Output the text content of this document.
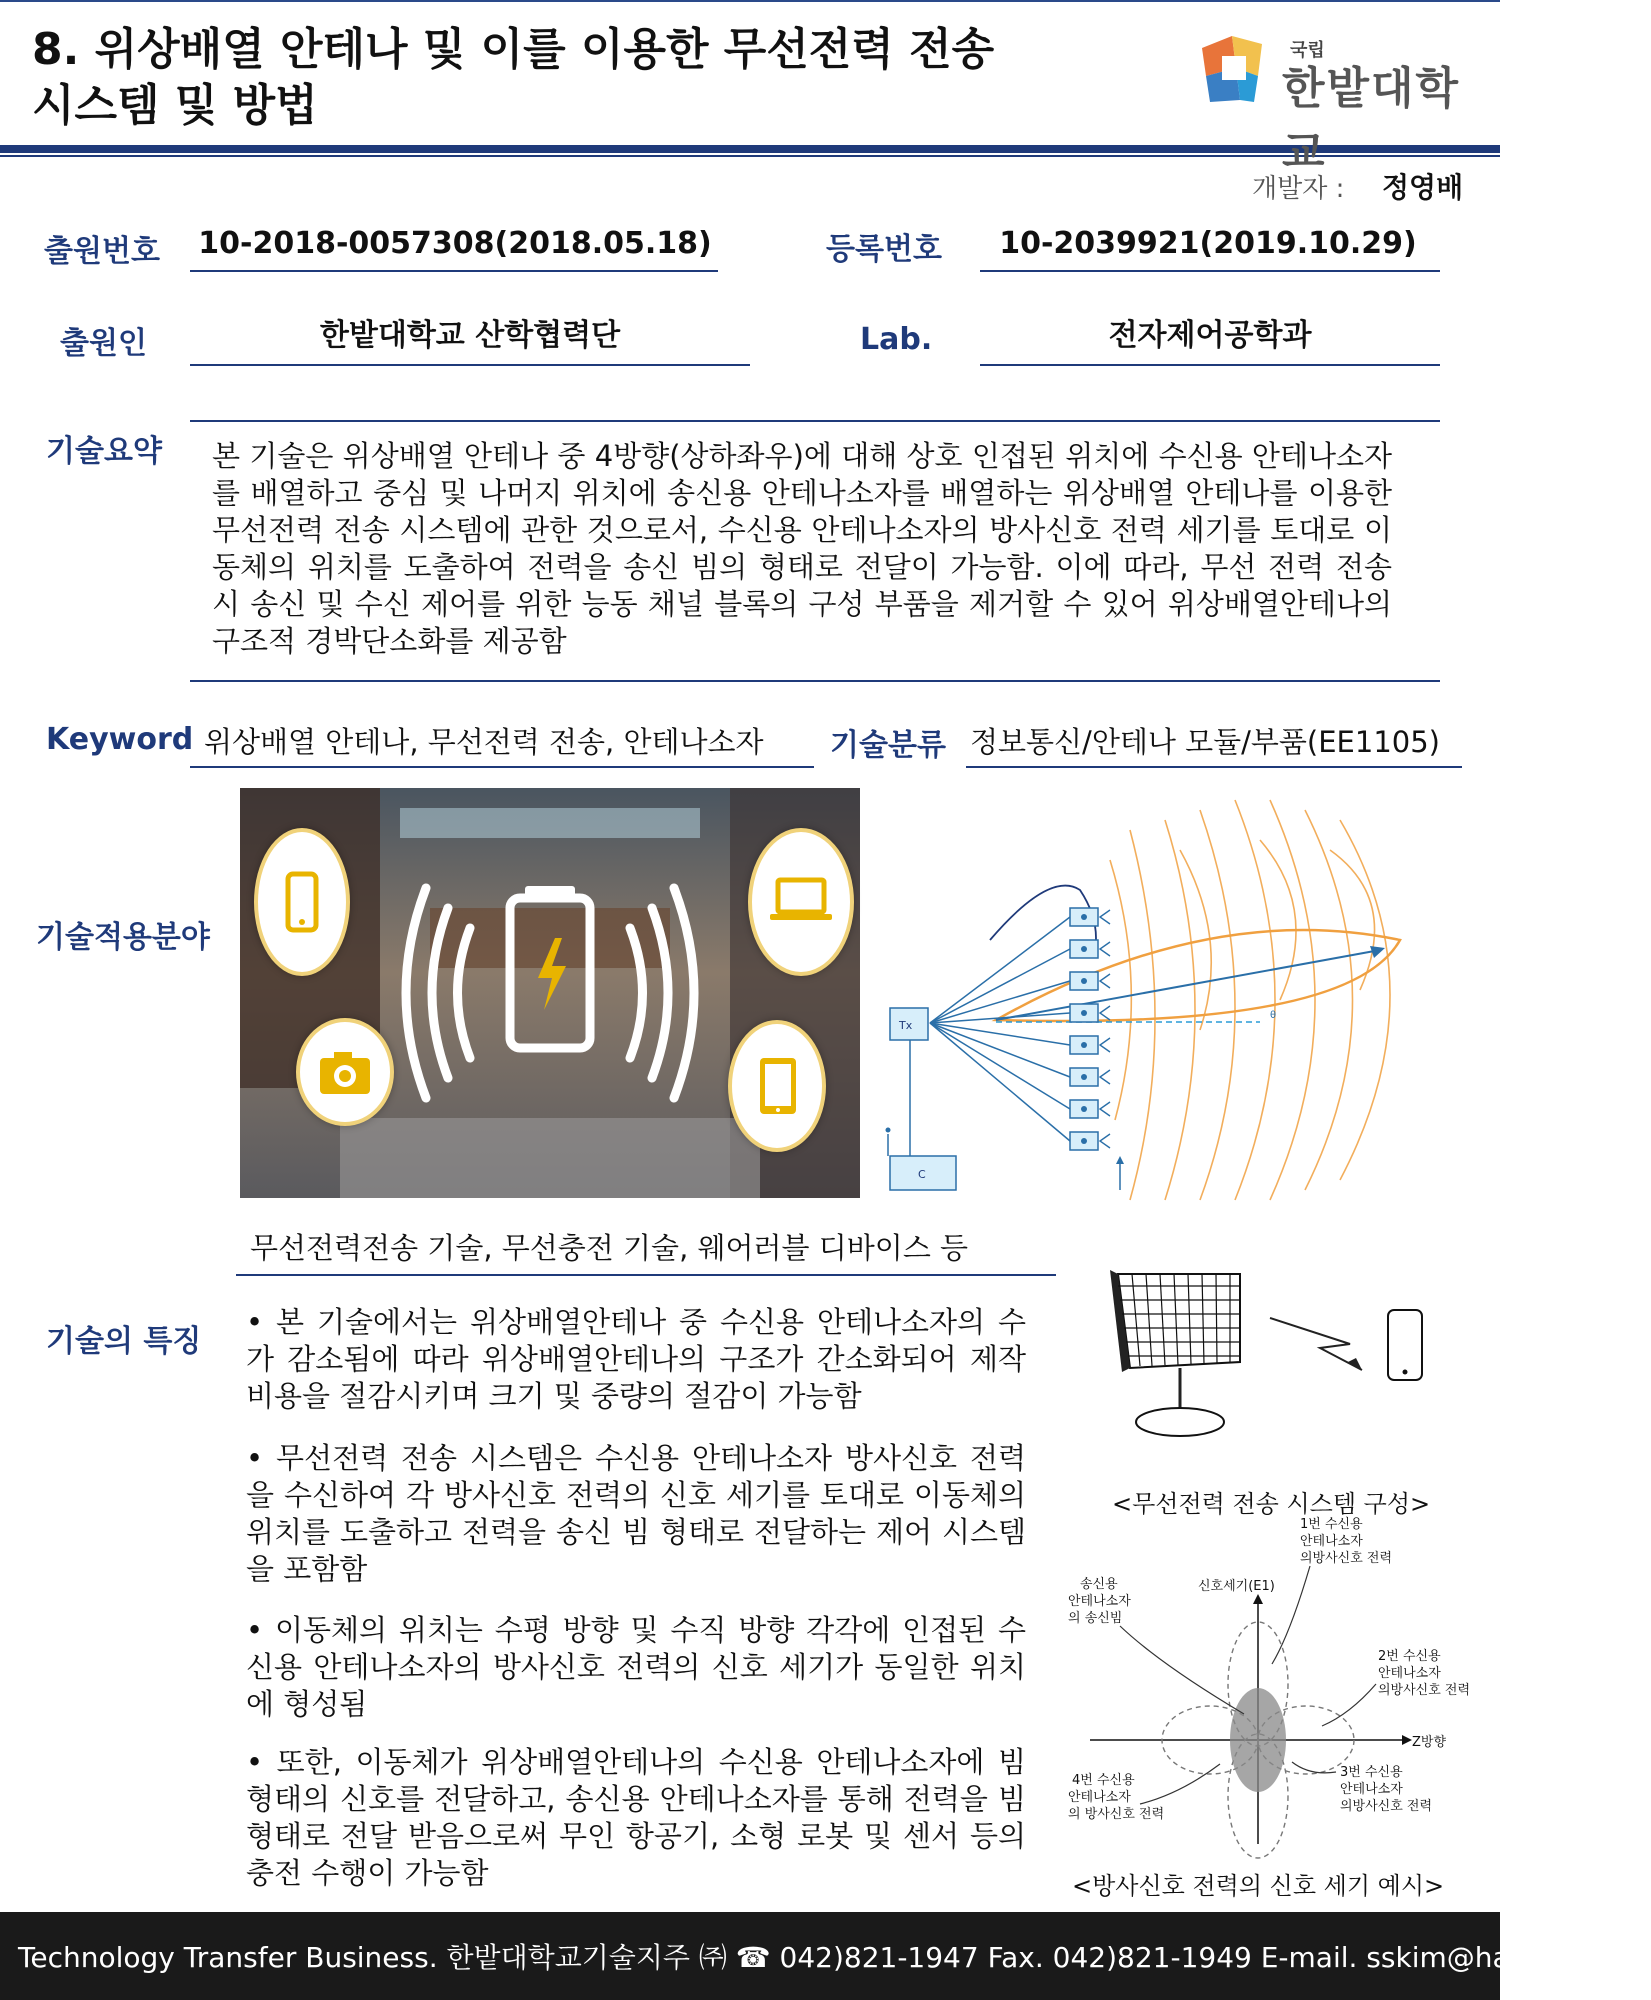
8. 위상배열 안테나 및 이를 이용한 무선전력 전송
시스템 및 방법
국립
한밭대학교
개발자 : 정영배
출원번호 10-2018-0057308(2018.05.18)	등록번호	10-2039921(2019.10.29)
출원인	한밭대학교 산학협력단	Lab.	전자제어공학과
기술요약 본 기술은 위상배열 안테나 중 4방향(상하좌우)에 대해 상호 인접된 위치에 수신용 안테나소자를 배열하고 중심 및 나머지 위치에 송신용 안테나소자를 배열하는 위상배열 안테나를 이용한 무선전력 전송 시스템에 관한 것으로서, 수신용 안테나소자의 방사신호 전력 세기를 토대로 이동체의 위치를 도출하여 전력을 송신 빔의 형태로 전달이 가능함. 이에 따라, 무선 전력 전송 시 송신 및 수신 제어를 위한 능동 채널 블록의 구성 부품을 제거할 수 있어 위상배열안테나의 구조적 경박단소화를 제공함
Keyword 위상배열 안테나, 무선전력 전송, 안테나소자 기술분류 정보통신/안테나 모듈/부품(EE1105)
기술적용분야
θ
Tx
C
무선전력전송 기술, 무선충전 기술, 웨어러블 디바이스 등
기술의 특징
• 본 기술에서는 위상배열안테나 중 수신용 안테나소자의 수가 감소됨에 따라 위상배열안테나의 구조가 간소화되어 제작비용을 절감시키며 크기 및 중량의 절감이 가능함
• 무선전력 전송 시스템은 수신용 안테나소자 방사신호 전력을 수신하여 각 방사신호 전력의 신호 세기를 토대로 이동체의 위치를 도출하고 전력을 송신 빔 형태로 전달하는 제어 시스템을 포함함
• 이동체의 위치는 수평 방향 및 수직 방향 각각에 인접된 수신용 안테나소자의 방사신호 전력의 신호 세기가 동일한 위치에 형성됨
• 또한, 이동체가 위상배열안테나의 수신용 안테나소자에 빔 형태의 신호를 전달하고, 송신용 안테나소자를 통해 전력을 빔 형태로 전달 받음으로써 무인 항공기, 소형 로봇 및 센서 등의 충전 수행이 가능함
<무선전력 전송 시스템 구성>
1번 수신용
안테나소자
의방사신호 전력
송신용
안테나소자
의 송신빔
신호세기(E1)
2번 수신용
안테나소자
의방사신호 전력
Z방향
3번 수신용
안테나소자
의방사신호 전력
4번 수신용
안테나소자
의 방사신호 전력
<방사신호 전력의 신호 세기 예시>
Technology Transfer Business. 한밭대학교기술지주 ㈜ ☎ 042)821-1947 Fax. 042)821-1949 E-mail. sskim@hanbat.ac.kr
